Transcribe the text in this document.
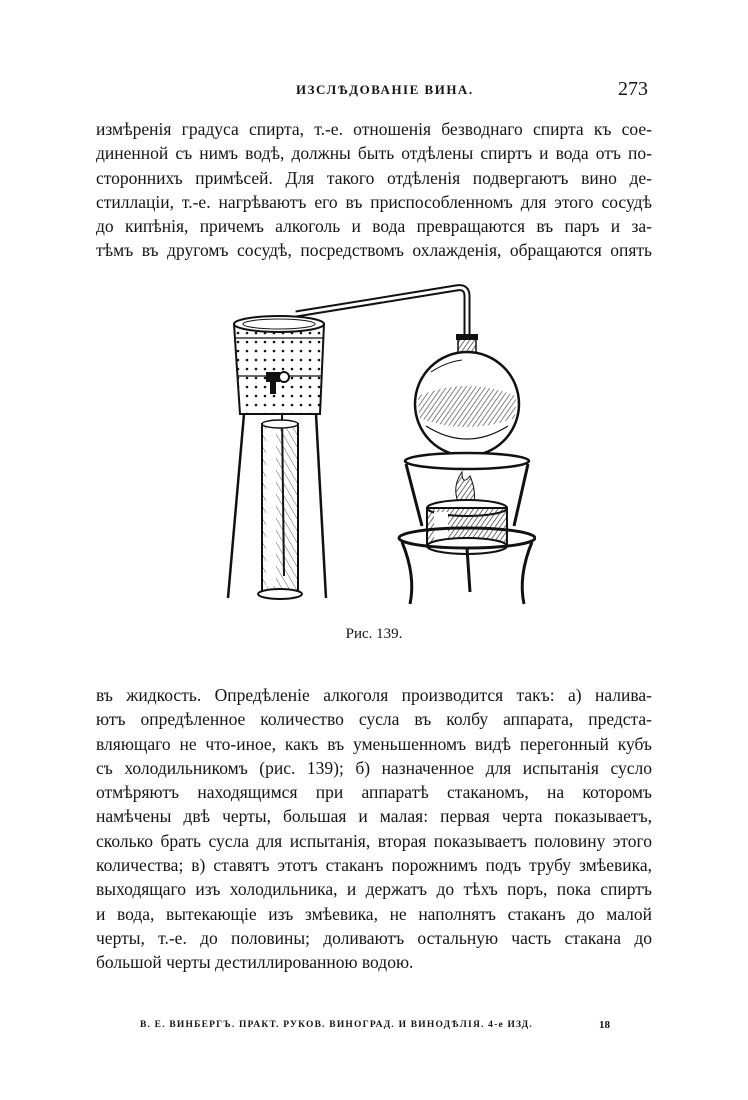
ИЗСЛѢДОВАНІЕ ВИНА.	273

измѣренія градуса спирта, т.-е. отношенія безводнаго спирта къ сое-
диненной съ нимъ водѣ, должны быть отдѣлены спиртъ и вода отъ по-
стороннихъ примѣсей. Для такого отдѣленія подвергаютъ вино де-
стиллаціи, т.-е. нагрѣваютъ его въ приспособленномъ для этого сосудѣ
до кипѣнія, причемъ алкоголь и вода превращаются въ паръ и за-
тѣмъ въ другомъ сосудѣ, посредствомъ охлажденія, обращаются опять

Рис. 139.

въ жидкость. Опредѣленіе алкоголя производится такъ: а) налива-
ютъ опредѣленное количество сусла въ колбу аппарата, предста-
вляющаго не что-иное, какъ въ уменьшенномъ видѣ перегонный кубъ
съ холодильникомъ (рис. 139); б) назначенное для испытанія сусло
отмѣряютъ находящимся при аппаратѣ стаканомъ, на которомъ
намѣчены двѣ черты, большая и малая: первая черта показываетъ,
сколько брать сусла для испытанія, вторая показываетъ половину этого
количества; в) ставятъ этотъ стаканъ порожнимъ подъ трубу змѣевика,
выходящаго изъ холодильника, и держатъ до тѣхъ поръ, пока спиртъ
и вода, вытекающіе изъ змѣевика, не наполнятъ стаканъ до малой
черты, т.-е. до половины; доливаютъ остальную часть стакана до
большой черты дестиллированною водою.

В. Е. ВИНБЕРГЪ. ПРАКТ. РУКОВ. ВИНОГРАД. И ВИНОДѢЛІЯ. 4-е ИЗД.	18
